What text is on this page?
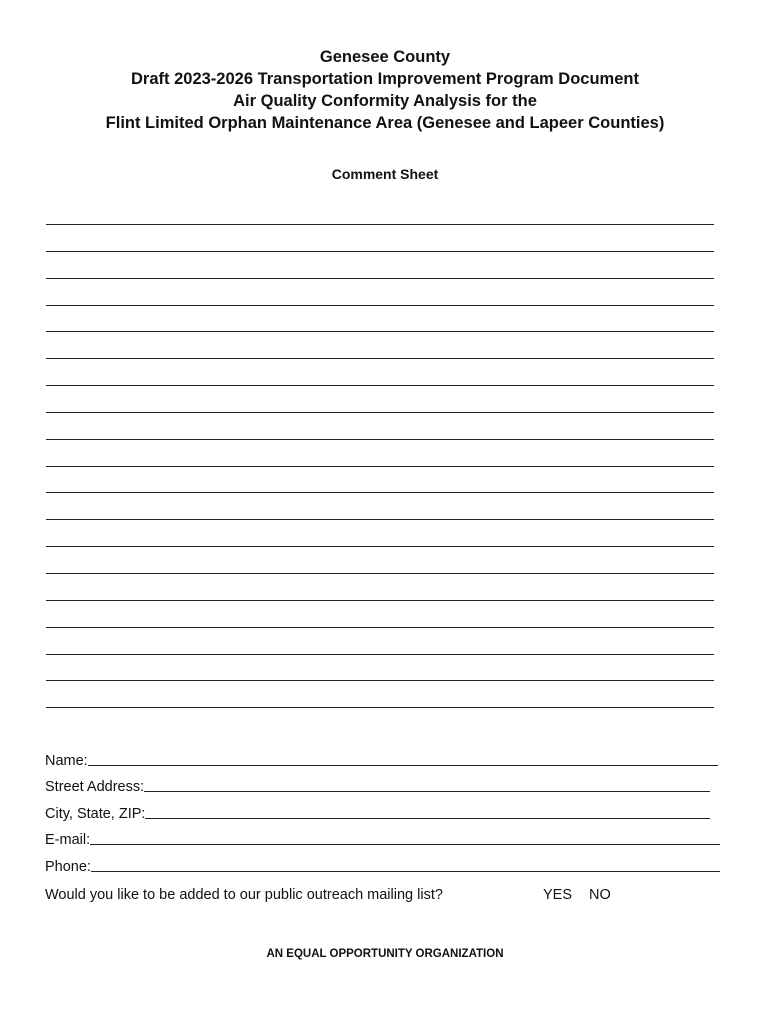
Genesee County
Draft 2023-2026 Transportation Improvement Program Document
Air Quality Conformity Analysis for the
Flint Limited Orphan Maintenance Area (Genesee and Lapeer Counties)
Comment Sheet
Name:
Street Address:
City, State, ZIP:
E-mail:
Phone:
Would you like to be added to our public outreach mailing list?	YES NO
AN EQUAL OPPORTUNITY ORGANIZATION
